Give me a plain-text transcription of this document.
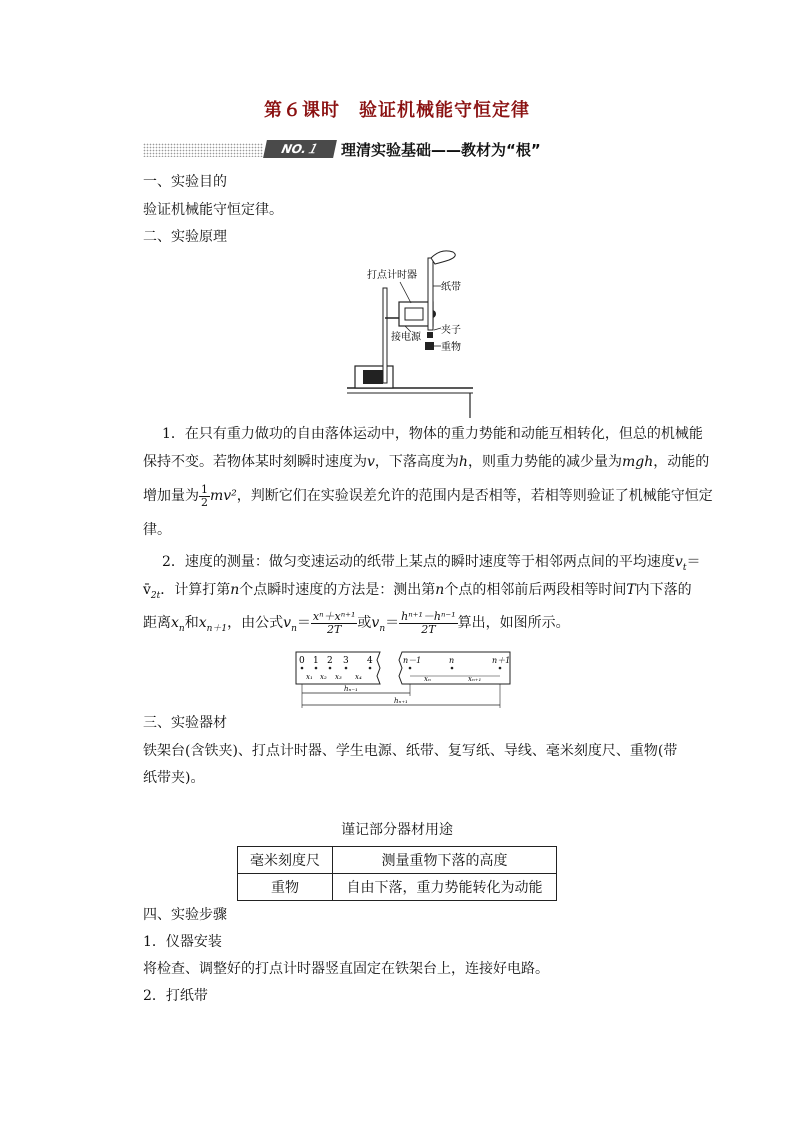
第６课时　验证机械能守恒定律
NO.１	理清实验基础——教材为“根”
一、实验目的
验证机械能守恒定律。
二、实验原理
打点计时器
纸带
夹子
接电源
重物
1．在只有重力做功的自由落体运动中，物体的重力势能和动能互相转化，但总的机械能
保持不变。若物体某时刻瞬时速度为v，下落高度为h，则重力势能的减少量为mgh，动能的
增加量为 $\frac{1}{2} mv^2$，判断它们在实验误差允许的范围内是否相等，若相等则验证了机械能守恒定
律。
2．速度的测量：做匀变速运动的纸带上某点的瞬时速度等于相邻两点间的平均速度$v_t=$
$v̄_{2t}$．计算打第n个点瞬时速度的方法是：测出第n个点的相邻前后两段相等时间T内下落的
距离$x_n$和$x_{n+1}$，由公式$v_n= \frac{\text{xⁿ＋xⁿ⁺¹}}{2T}$ 或$v_n= \frac{\text{hⁿ⁺¹－hⁿ⁻¹}}{2T}$ 算出，如图所示。
0 1 2 3 4
x₁ x₂ x₃ x₄
n－1	n	n＋1
xₙ	xₙ₊₁
hₙ₋₁
hₙ₊₁
三、实验器材
铁架台(含铁夹)、打点计时器、学生电源、纸带、复写纸、导线、毫米刻度尺、重物(带
纸带夹)。
谨记部分器材用途
毫米刻度尺	测量重物下落的高度
重物	自由下落，重力势能转化为动能
四、实验步骤
1．仪器安装
将检查、调整好的打点计时器竖直固定在铁架台上，连接好电路。
2．打纸带
